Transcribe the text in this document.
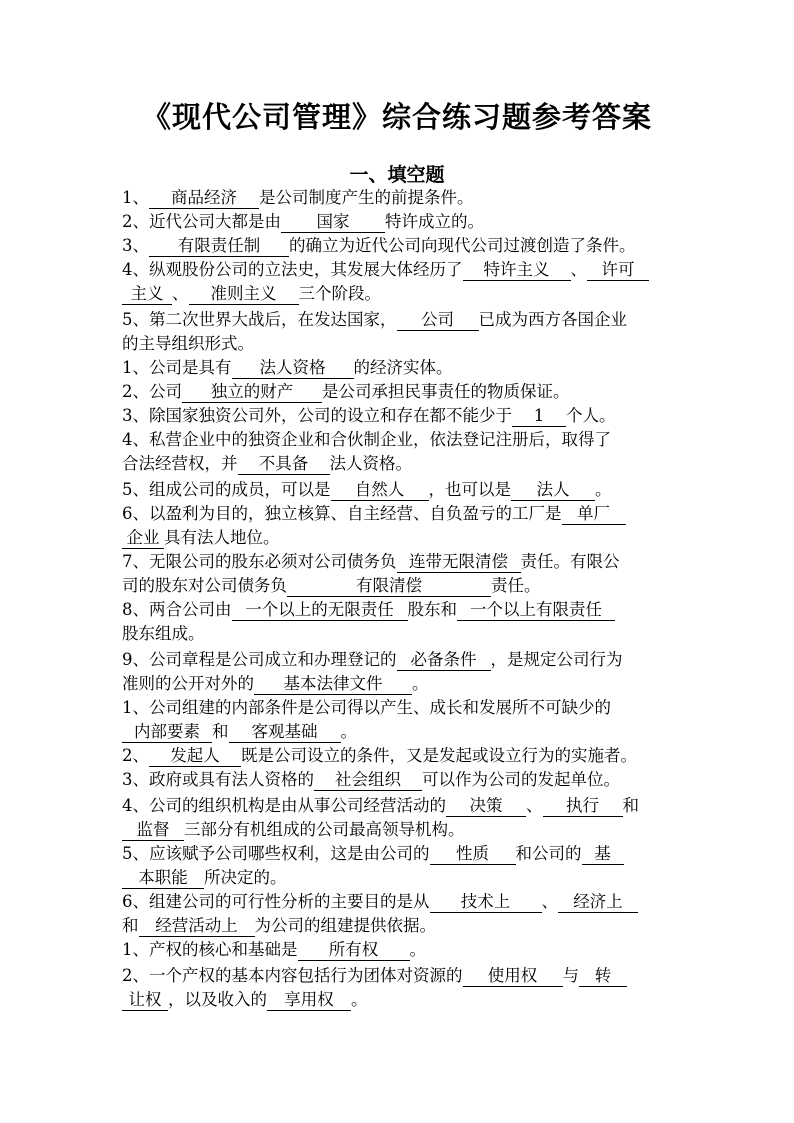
《现代公司管理》综合练习题参考答案
一、填空题
1、 商品经济 是公司制度产生的前提条件。
2、近代公司大都是由 国家 特许成立的。
3、 有限责任制 的确立为近代公司向现代公司过渡创造了条件。
4、纵观股份公司的立法史，其发展大体经历了 特许主义 、 许可
主义 、 准则主义 三个阶段。
5、第二次世界大战后，在发达国家， 公司 已成为西方各国企业
的主导组织形式。
1、公司是具有 法人资格 的经济实体。
2、公司 独立的财产 是公司承担民事责任的物质保证。
3、除国家独资公司外，公司的设立和存在都不能少于 1 个人。
4、私营企业中的独资企业和合伙制企业，依法登记注册后，取得了
合法经营权，并 不具备 法人资格。
5、组成公司的成员，可以是 自然人 ，也可以是 法人 。
6、以盈利为目的，独立核算、自主经营、自负盈亏的工厂是 单厂
企业 具有法人地位。
7、无限公司的股东必须对公司债务负 连带无限清偿 责任。有限公
司的股东对公司债务负	有限清偿	责任。
8、两合公司由 一个以上的无限责任 股东和 一个以上有限责任
股东组成。
9、公司章程是公司成立和办理登记的 必备条件 ，是规定公司行为
准则的公开对外的 基本法律文件 。
1、公司组建的内部条件是公司得以产生、成长和发展所不可缺少的
内部要素 和 客观基础 。
2、 发起人 既是公司设立的条件，又是发起或设立行为的实施者。
3、政府或具有法人资格的 社会组织 可以作为公司的发起单位。
4、公司的组织机构是由从事公司经营活动的 决策 、 执行 和
监督 三部分有机组成的公司最高领导机构。
5、应该赋予公司哪些权利，这是由公司的 性质 和公司的 基
本职能 所决定的。
6、组建公司的可行性分析的主要目的是从 技术上 、 经济上
和 经营活动上 为公司的组建提供依据。
1、产权的核心和基础是 所有权 。
2、一个产权的基本内容包括行为团体对资源的 使用权 与 转
让权 ，以及收入的 享用权 。
